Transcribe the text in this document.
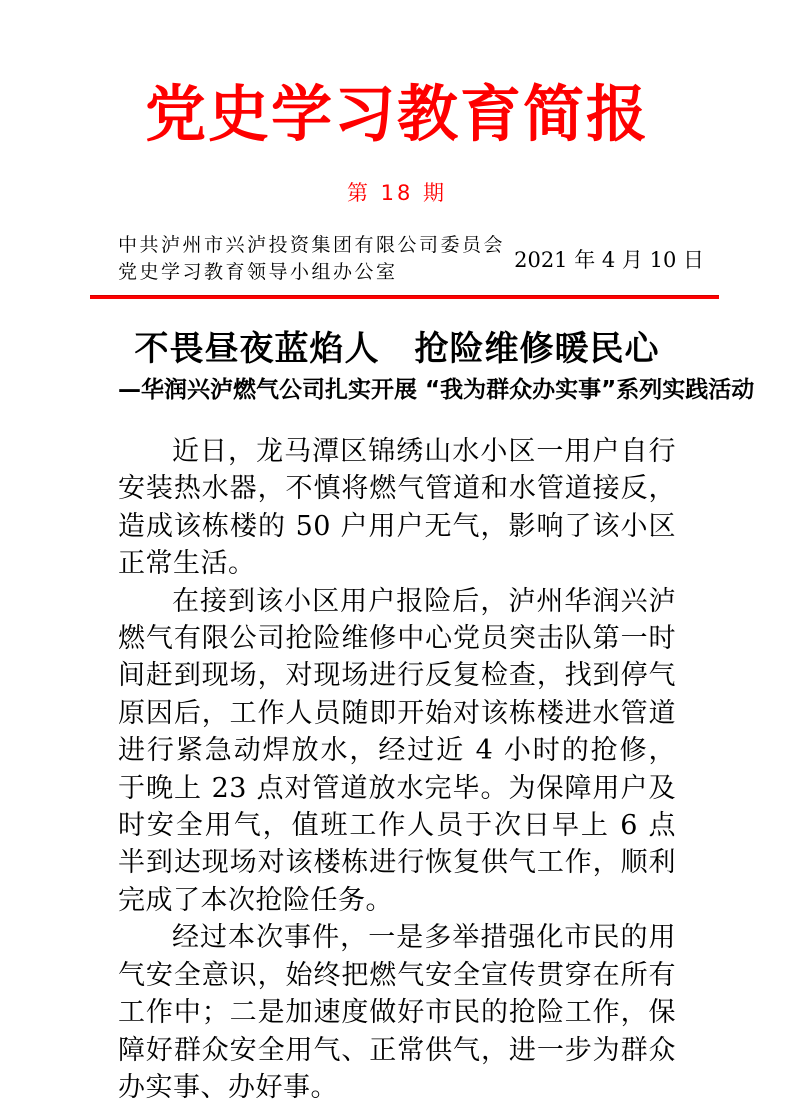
党史学习教育简报
第 18 期
中共泸州市兴泸投资集团有限公司委员会
党史学习教育领导小组办公室	2021 年 4 月 10 日
不畏昼夜蓝焰人　抢险维修暖民心
—华润兴泸燃气公司扎实开展 “我为群众办实事”系列实践活动

近日，龙马潭区锦绣山水小区一用户自行安装热水器，不慎将燃气管道和水管道接反，造成该栋楼的 50 户用户无气，影响了该小区正常生活。

在接到该小区用户报险后，泸州华润兴泸燃气有限公司抢险维修中心党员突击队第一时间赶到现场，对现场进行反复检查，找到停气原因后，工作人员随即开始对该栋楼进水管道进行紧急动焊放水，经过近 4 小时的抢修，于晚上 23 点对管道放水完毕。为保障用户及时安全用气，值班工作人员于次日早上 6 点半到达现场对该楼栋进行恢复供气工作，顺利完成了本次抢险任务。

经过本次事件，一是多举措强化市民的用气安全意识，始终把燃气安全宣传贯穿在所有工作中；二是加速度做好市民的抢险工作，保障好群众安全用气、正常供气，进一步为群众办实事、办好事。
